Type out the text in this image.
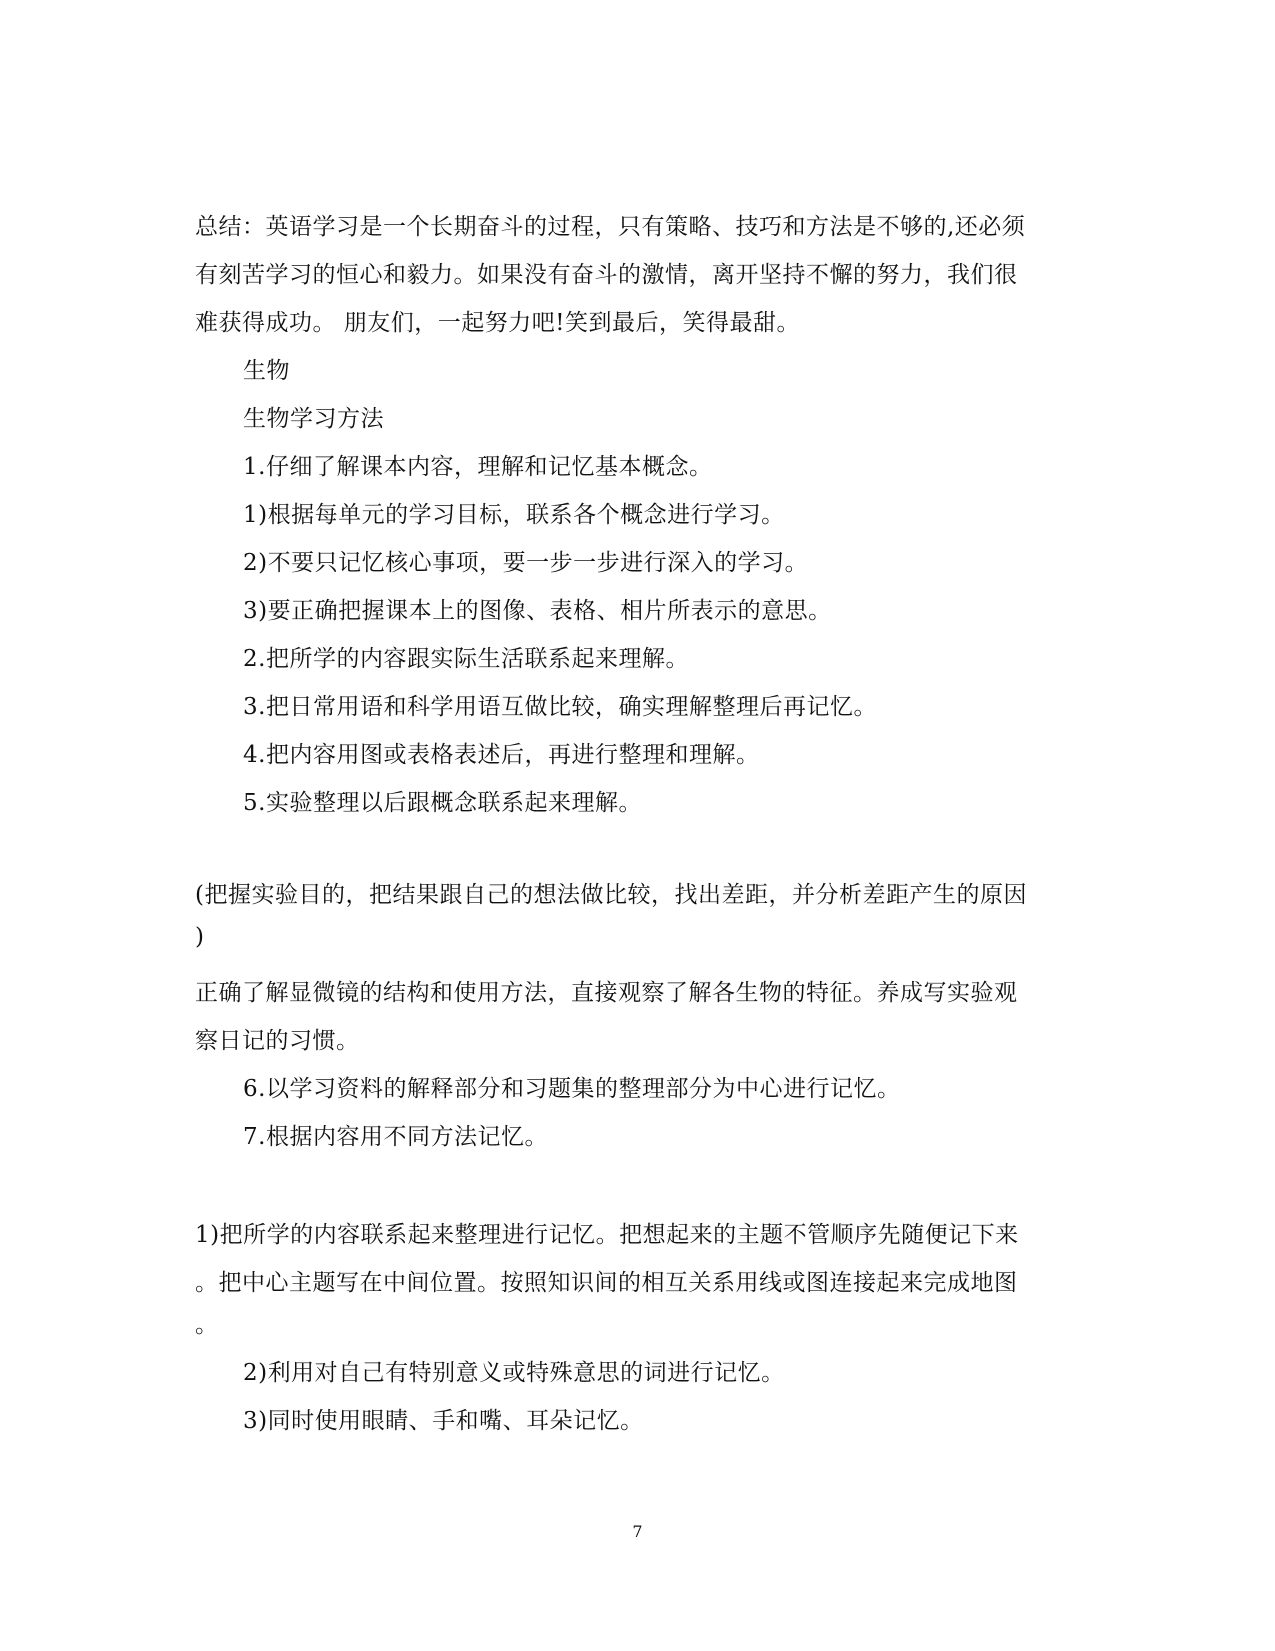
总结：英语学习是一个长期奋斗的过程，只有策略、技巧和方法是不够的,还必须
有刻苦学习的恒心和毅力。如果没有奋斗的激情，离开坚持不懈的努力，我们很
难获得成功。 朋友们，一起努力吧!笑到最后，笑得最甜。
生物
生物学习方法
1.仔细了解课本内容，理解和记忆基本概念。
1)根据每单元的学习目标，联系各个概念进行学习。
2)不要只记忆核心事项，要一步一步进行深入的学习。
3)要正确把握课本上的图像、表格、相片所表示的意思。
2.把所学的内容跟实际生活联系起来理解。
3.把日常用语和科学用语互做比较，确实理解整理后再记忆。
4.把内容用图或表格表述后，再进行整理和理解。
5.实验整理以后跟概念联系起来理解。
(把握实验目的，把结果跟自己的想法做比较，找出差距，并分析差距产生的原因
)
正确了解显微镜的结构和使用方法，直接观察了解各生物的特征。养成写实验观
察日记的习惯。
6.以学习资料的解释部分和习题集的整理部分为中心进行记忆。
7.根据内容用不同方法记忆。
1)把所学的内容联系起来整理进行记忆。把想起来的主题不管顺序先随便记下来
。把中心主题写在中间位置。按照知识间的相互关系用线或图连接起来完成地图
。
2)利用对自己有特别意义或特殊意思的词进行记忆。
3)同时使用眼睛、手和嘴、耳朵记忆。
7
